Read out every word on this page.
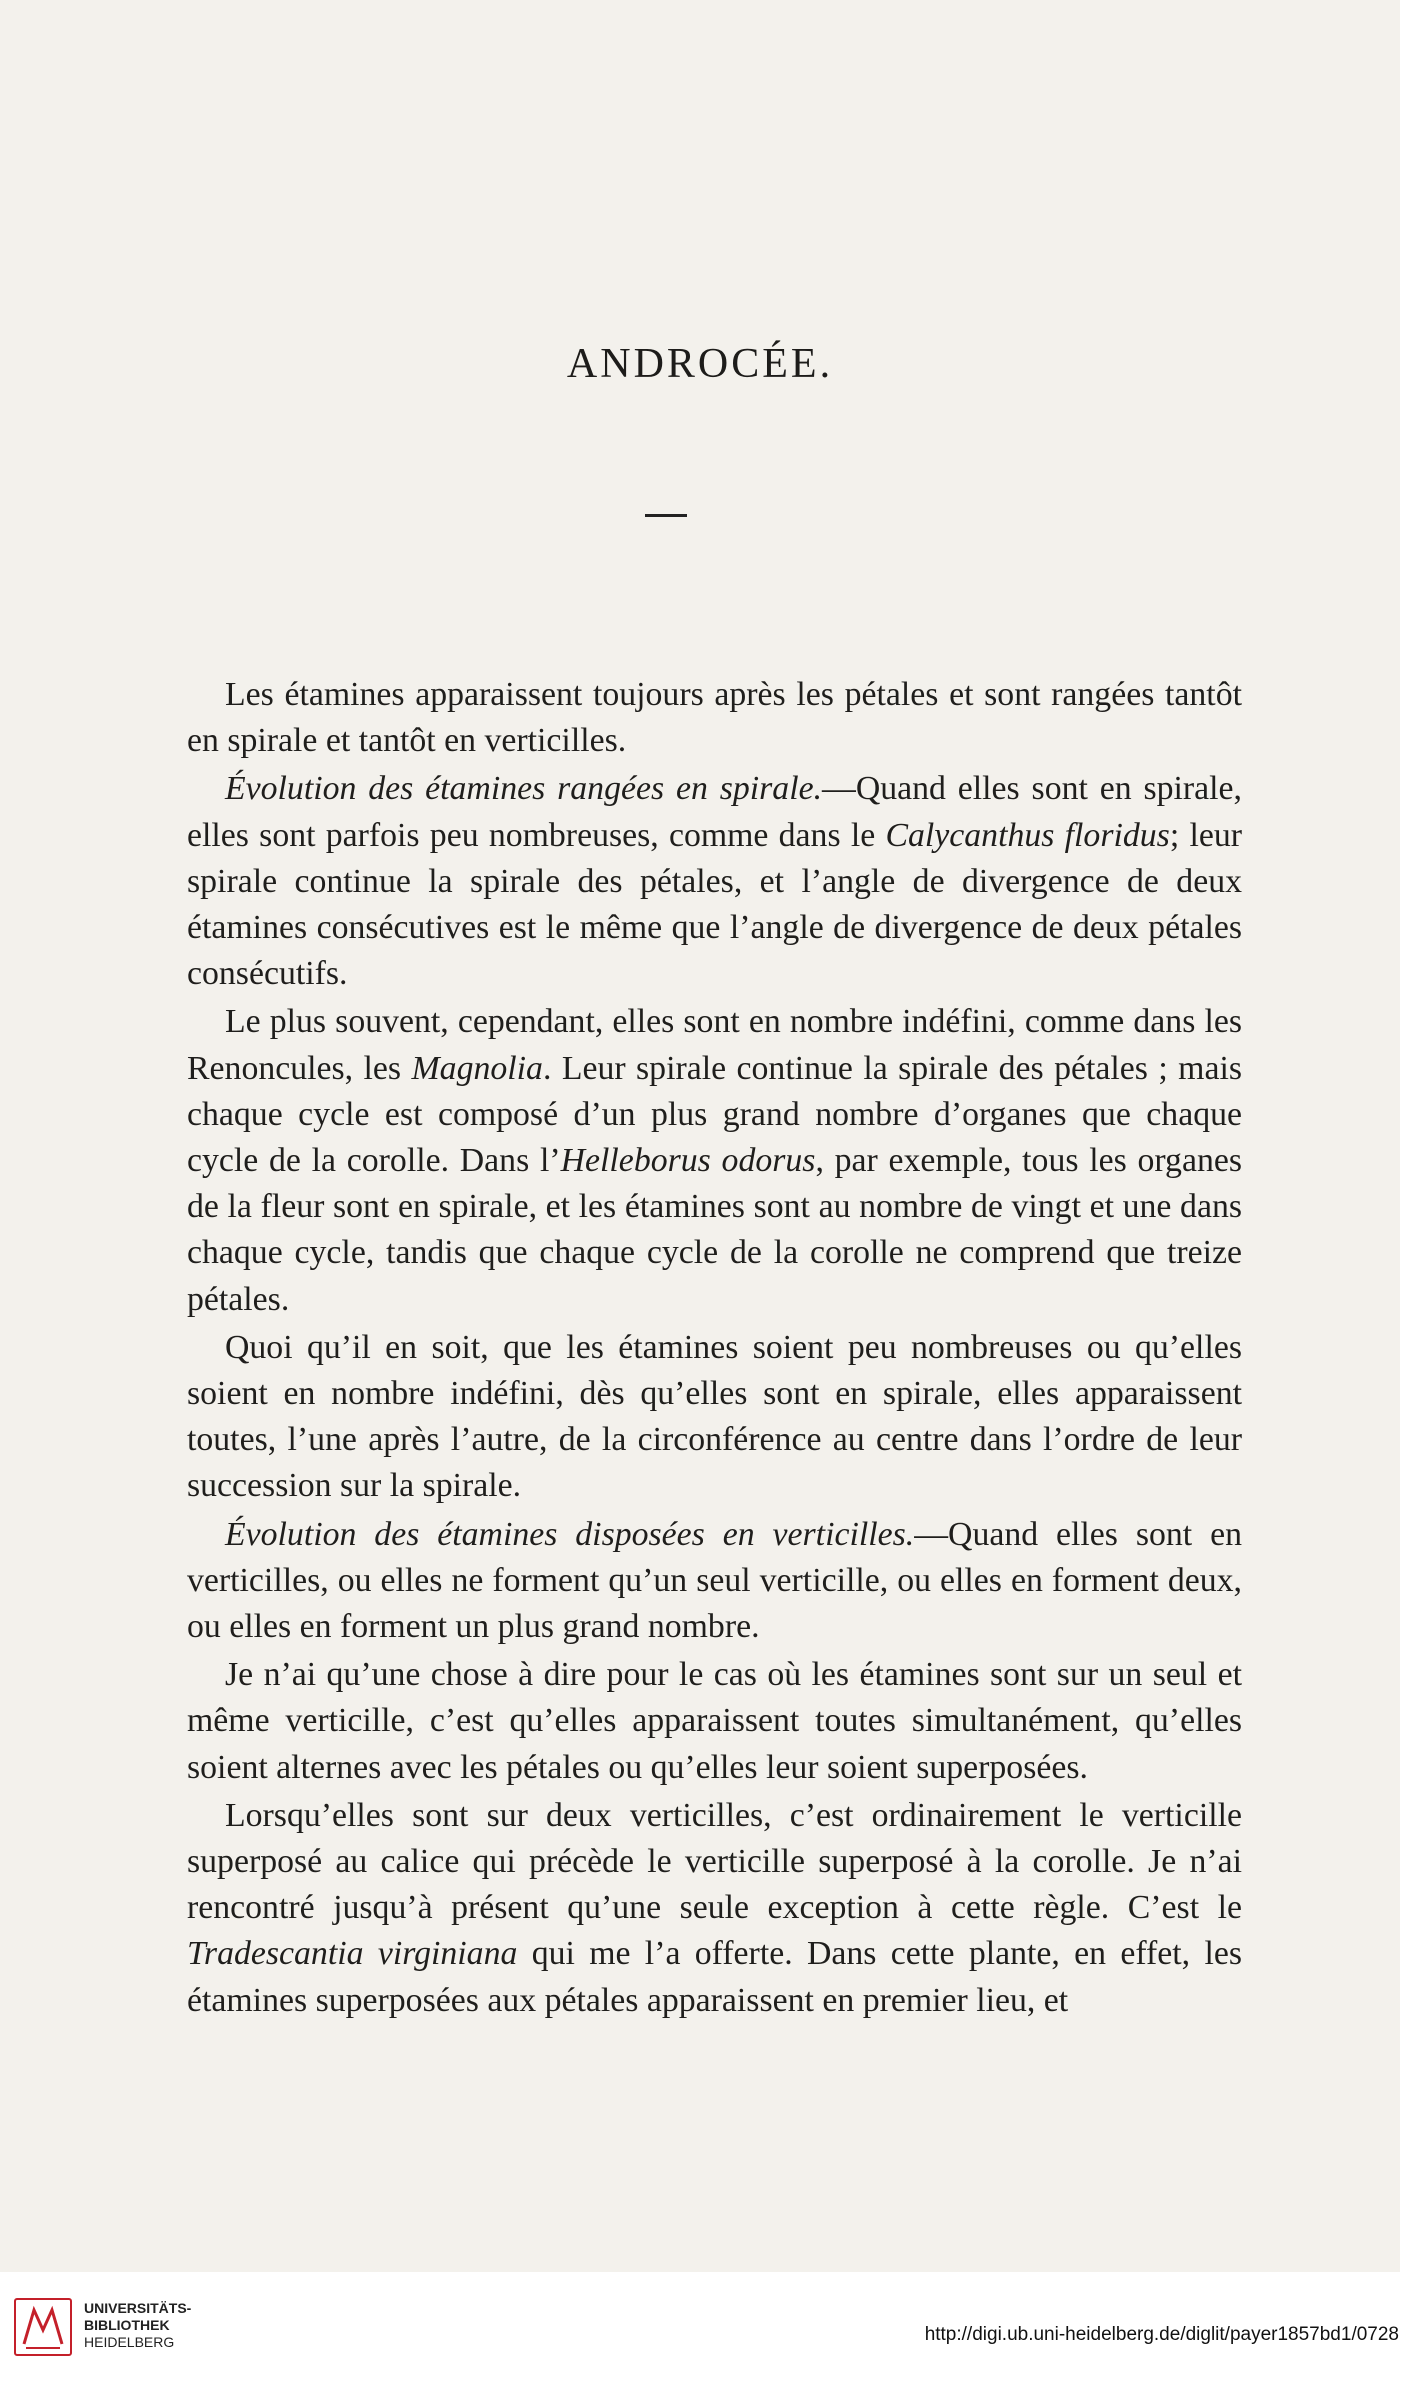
ANDROCÉE.

Les étamines apparaissent toujours après les pétales et sont rangées tantôt en spirale et tantôt en verticilles.

Évolution des étamines rangées en spirale.—Quand elles sont en spirale, elles sont parfois peu nombreuses, comme dans le Calycanthus floridus; leur spirale continue la spirale des pétales, et l’angle de divergence de deux étamines consécutives est le même que l’angle de divergence de deux pétales consécutifs.

Le plus souvent, cependant, elles sont en nombre indéfini, comme dans les Renoncules, les Magnolia. Leur spirale continue la spirale des pétales ; mais chaque cycle est composé d’un plus grand nombre d’organes que chaque cycle de la corolle. Dans l’Helleborus odorus, par exemple, tous les organes de la fleur sont en spirale, et les étamines sont au nombre de vingt et une dans chaque cycle, tandis que chaque cycle de la corolle ne comprend que treize pétales.

Quoi qu’il en soit, que les étamines soient peu nombreuses ou qu’elles soient en nombre indéfini, dès qu’elles sont en spirale, elles apparaissent toutes, l’une après l’autre, de la circonférence au centre dans l’ordre de leur succession sur la spirale.

Évolution des étamines disposées en verticilles.—Quand elles sont en verticilles, ou elles ne forment qu’un seul verticille, ou elles en forment deux, ou elles en forment un plus grand nombre.

Je n’ai qu’une chose à dire pour le cas où les étamines sont sur un seul et même verticille, c’est qu’elles apparaissent toutes simultanément, qu’elles soient alternes avec les pétales ou qu’elles leur soient superposées.

Lorsqu’elles sont sur deux verticilles, c’est ordinairement le verticille superposé au calice qui précède le verticille superposé à la corolle. Je n’ai rencontré jusqu’à présent qu’une seule exception à cette règle. C’est le Tradescantia virginiana qui me l’a offerte. Dans cette plante, en effet, les étamines superposées aux pétales apparaissent en premier lieu, et

UNIVERSITÄTS-
BIBLIOTHEK
HEIDELBERG	http://digi.ub.uni-heidelberg.de/diglit/payer1857bd1/0728
